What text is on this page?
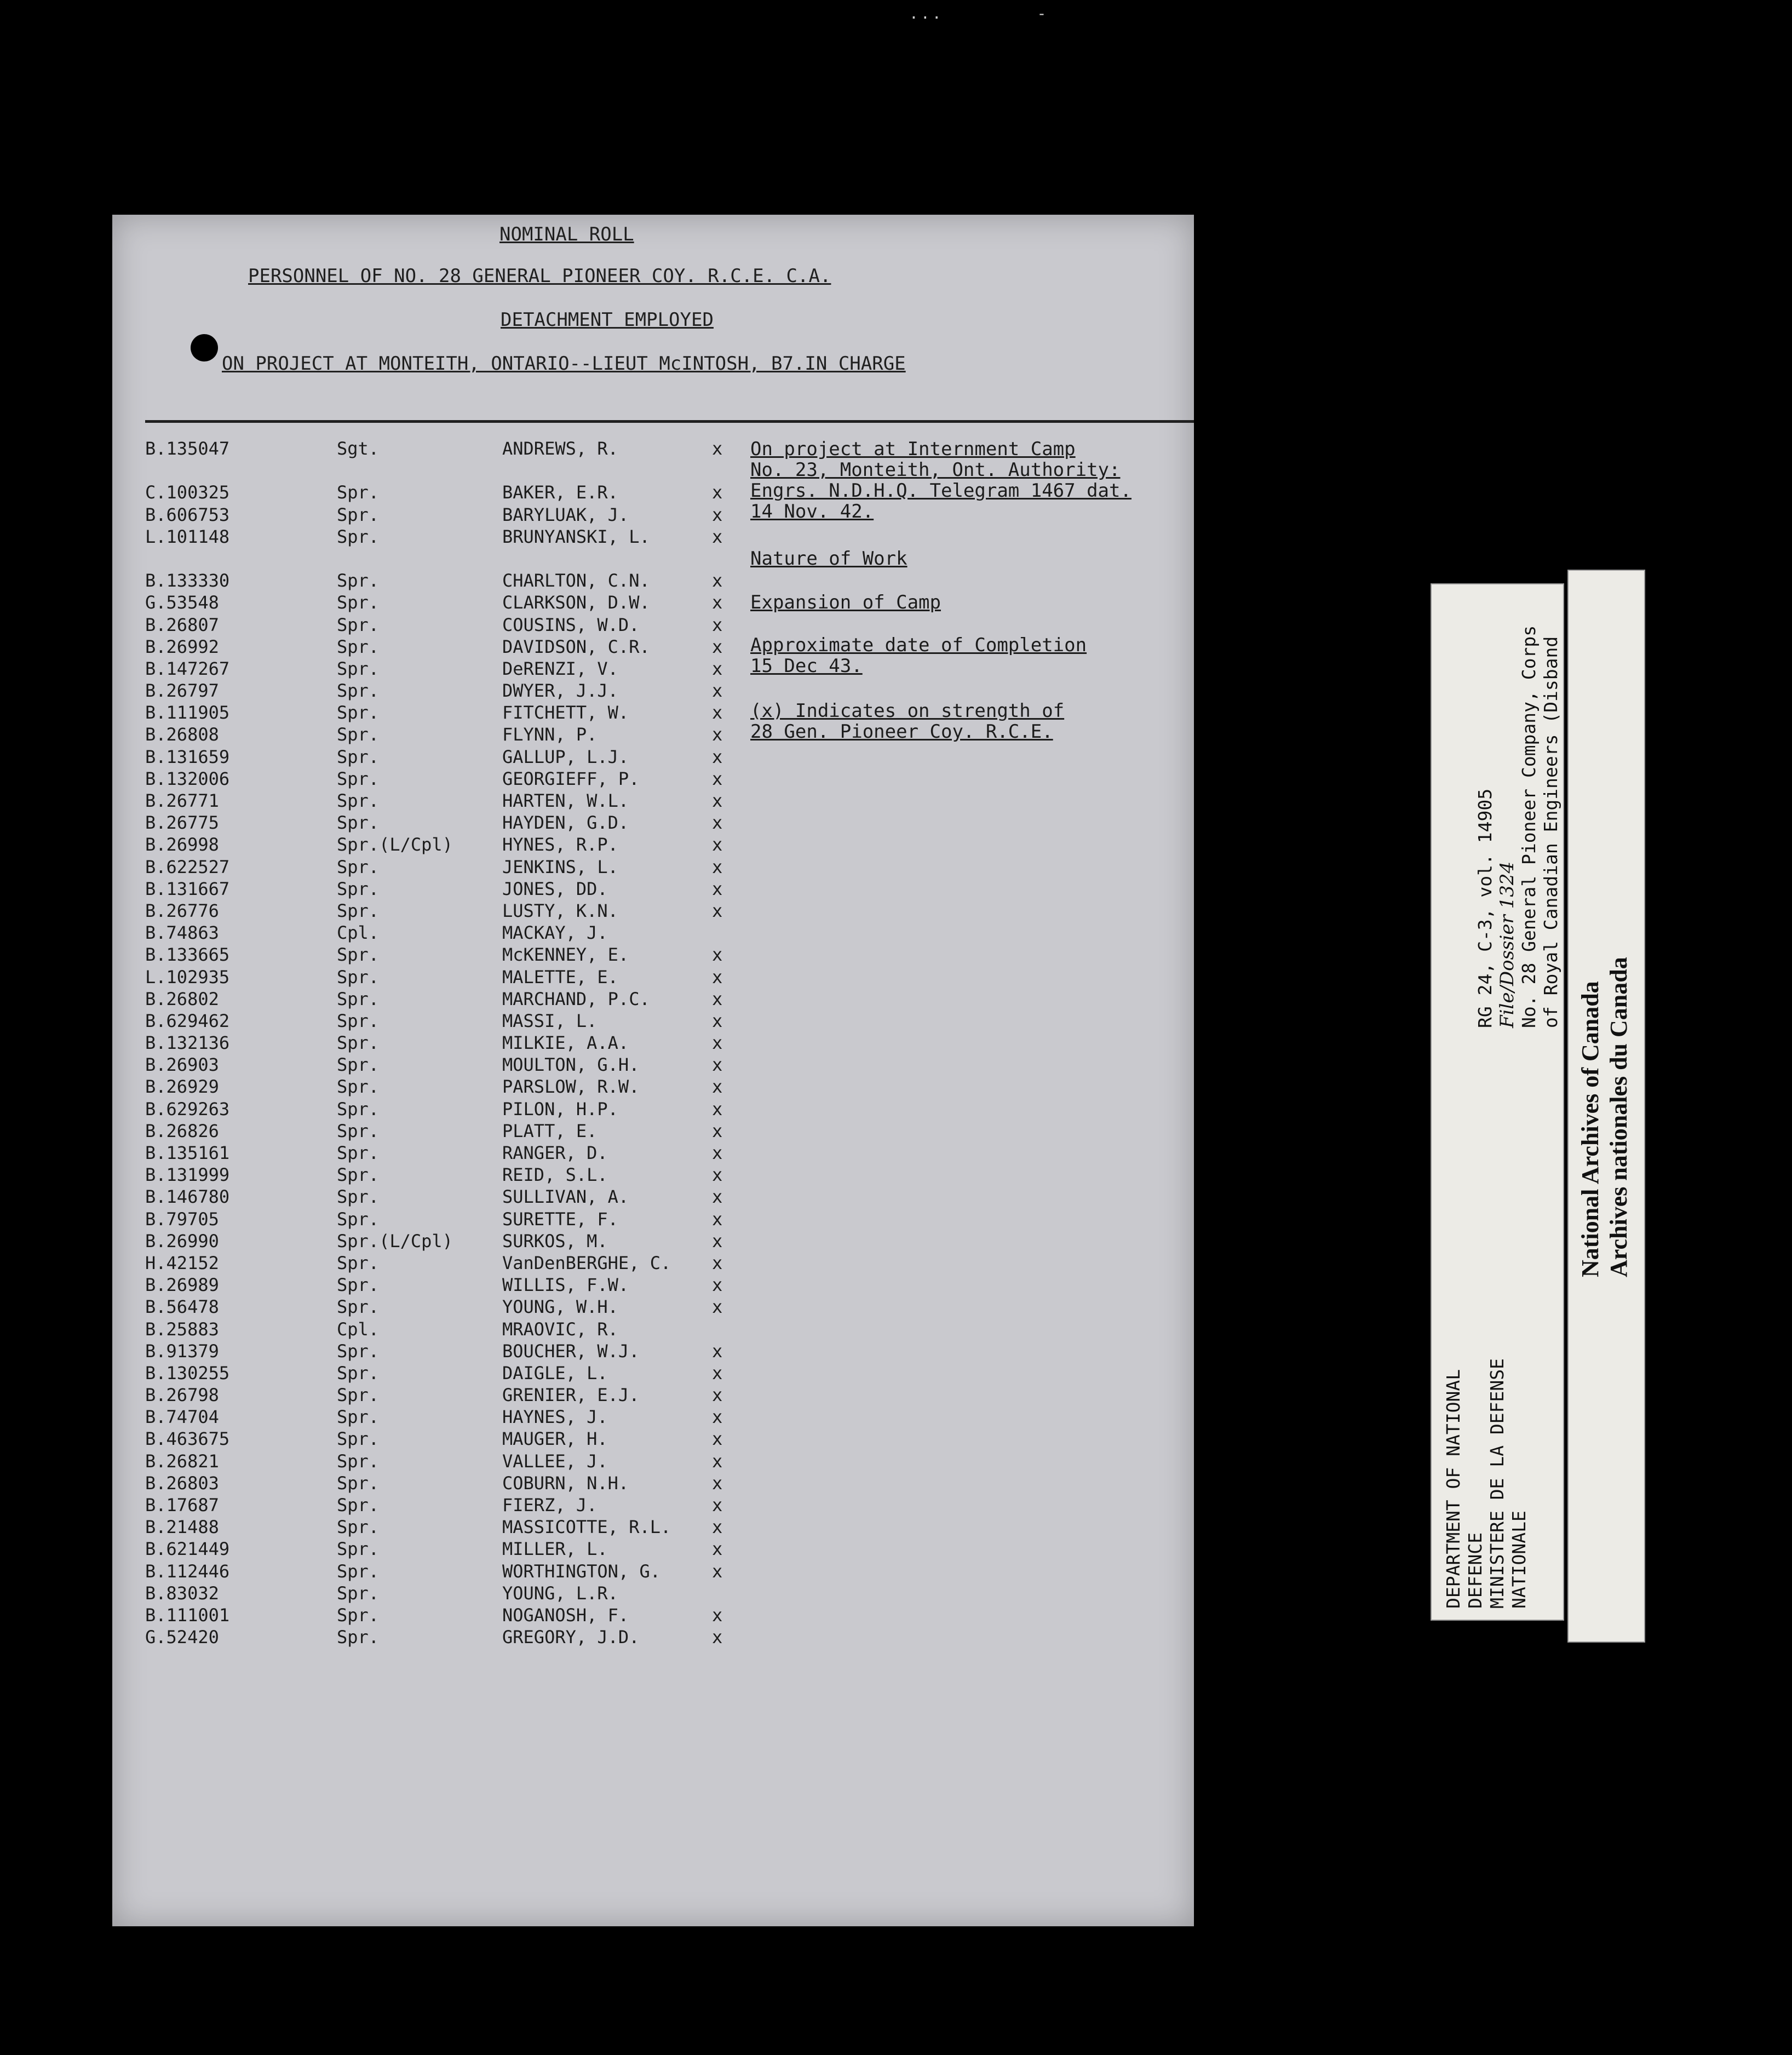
...	-
NOMINAL ROLL
PERSONNEL OF NO. 28 GENERAL PIONEER COY. R.C.E. C.A.
DETACHMENT EMPLOYED
ON PROJECT AT MONTEITH, ONTARIO--LIEUT McINTOSH, B7.IN CHARGE
B.135047	Sgt.	ANDREWS, R.	x
C.100325	Spr.	BAKER, E.R.	x
B.606753	Spr.	BARYLUAK, J.	x
L.101148	Spr.	BRUNYANSKI, L.	x
B.133330	Spr.	CHARLTON, C.N.	x
G.53548	Spr.	CLARKSON, D.W.	x
B.26807	Spr.	COUSINS, W.D.	x
B.26992	Spr.	DAVIDSON, C.R.	x
B.147267	Spr.	DeRENZI, V.	x
B.26797	Spr.	DWYER, J.J.	x
B.111905	Spr.	FITCHETT, W.	x
B.26808	Spr.	FLYNN, P.	x
B.131659	Spr.	GALLUP, L.J.	x
B.132006	Spr.	GEORGIEFF, P.	x
B.26771	Spr.	HARTEN, W.L.	x
B.26775	Spr.	HAYDEN, G.D.	x
B.26998	Spr.(L/Cpl)	HYNES, R.P.	x
B.622527	Spr.	JENKINS, L.	x
B.131667	Spr.	JONES, DD.	x
B.26776	Spr.	LUSTY, K.N.	x
B.74863	Cpl.	MACKAY, J.
B.133665	Spr.	McKENNEY, E.	x
L.102935	Spr.	MALETTE, E.	x
B.26802	Spr.	MARCHAND, P.C.	x
B.629462	Spr.	MASSI, L.	x
B.132136	Spr.	MILKIE, A.A.	x
B.26903	Spr.	MOULTON, G.H.	x
B.26929	Spr.	PARSLOW, R.W.	x
B.629263	Spr.	PILON, H.P.	x
B.26826	Spr.	PLATT, E.	x
B.135161	Spr.	RANGER, D.	x
B.131999	Spr.	REID, S.L.	x
B.146780	Spr.	SULLIVAN, A.	x
B.79705	Spr.	SURETTE, F.	x
B.26990	Spr.(L/Cpl)	SURKOS, M.	x
H.42152	Spr.	VanDenBERGHE, C. x
B.26989	Spr.	WILLIS, F.W.	x
B.56478	Spr.	YOUNG, W.H.	x
B.25883	Cpl.	MRAOVIC, R.
B.91379	Spr.	BOUCHER, W.J.	x
B.130255	Spr.	DAIGLE, L.	x
B.26798	Spr.	GRENIER, E.J.	x
B.74704	Spr.	HAYNES, J.	x
B.463675	Spr.	MAUGER, H.	x
B.26821	Spr.	VALLEE, J.	x
B.26803	Spr.	COBURN, N.H.	x
B.17687	Spr.	FIERZ, J.	x
B.21488	Spr.	MASSICOTTE, R.L. x
B.621449	Spr.	MILLER, L.	x
B.112446	Spr.	WORTHINGTON, G.	x
B.83032	Spr.	YOUNG, L.R.
B.111001	Spr.	NOGANOSH, F.	x
G.52420	Spr.	GREGORY, J.D.	x
On project at Internment Camp
No. 23, Monteith, Ont. Authority:
Engrs. N.D.H.Q. Telegram 1467 dat.
14 Nov. 42.
Nature of Work
Expansion of Camp
Approximate date of Completion
15 Dec 43.
(x) Indicates on strength of
28 Gen. Pioneer Coy. R.C.E.
DEPARTMENT OF NATIONAL DEFENCE MINISTERE DE LA DEFENSE NATIONALE
RG 24, C-3, vol. 14905 File/Dossier 1324 No. 28 General Pioneer Company, Corps of Royal Canadian Engineers (Disband
National Archives of Canada Archives nationales du Canada
